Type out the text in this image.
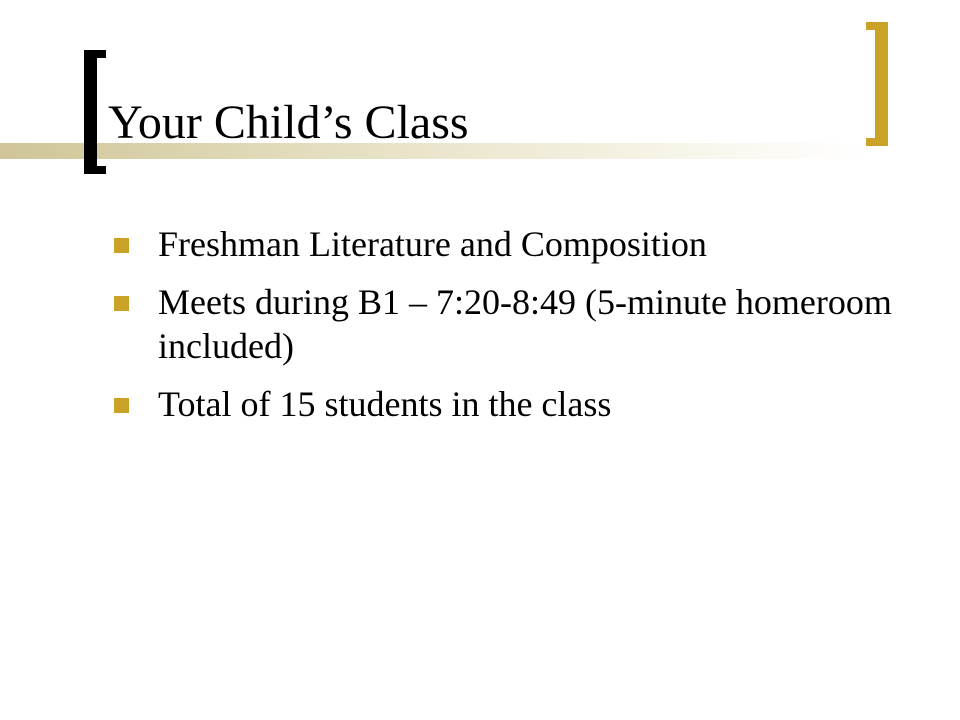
Your Child’s Class
Freshman Literature and Composition
Meets during B1 – 7:20-8:49 (5-minute homeroom included)
Total of 15 students in the class
